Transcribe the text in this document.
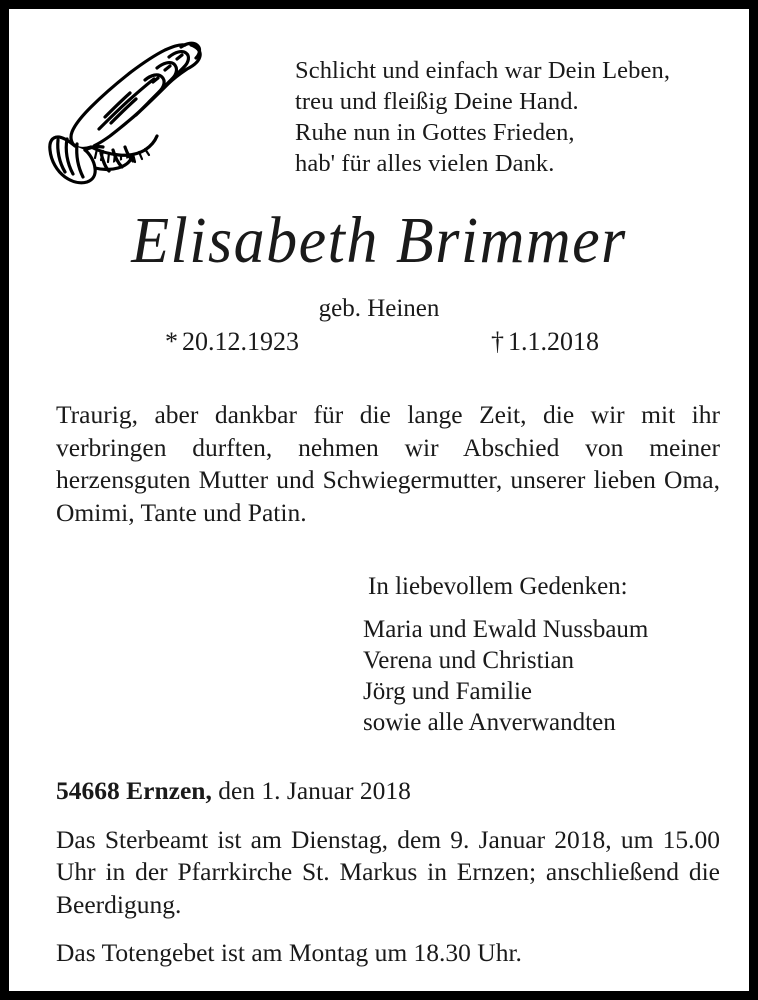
Schlicht und einfach war Dein Leben,
treu und fleißig Deine Hand.
Ruhe nun in Gottes Frieden,
hab' für alles vielen Dank.
Elisabeth Brimmer
geb. Heinen
* 20.12.1923	† 1.1.2018
Traurig, aber dankbar für die lange Zeit, die wir mit ihr verbringen durften, nehmen wir Abschied von meiner herzensguten Mutter und Schwiegermutter, unserer lieben Oma, Omimi, Tante und Patin.
In liebevollem Gedenken:
Maria und Ewald Nussbaum
Verena und Christian
Jörg und Familie
sowie alle Anverwandten
54668 Ernzen, den 1. Januar 2018
Das Sterbeamt ist am Dienstag, dem 9. Januar 2018, um 15.00 Uhr in der Pfarrkirche St. Markus in Ernzen; anschließend die Beerdigung.
Das Totengebet ist am Montag um 18.30 Uhr.
